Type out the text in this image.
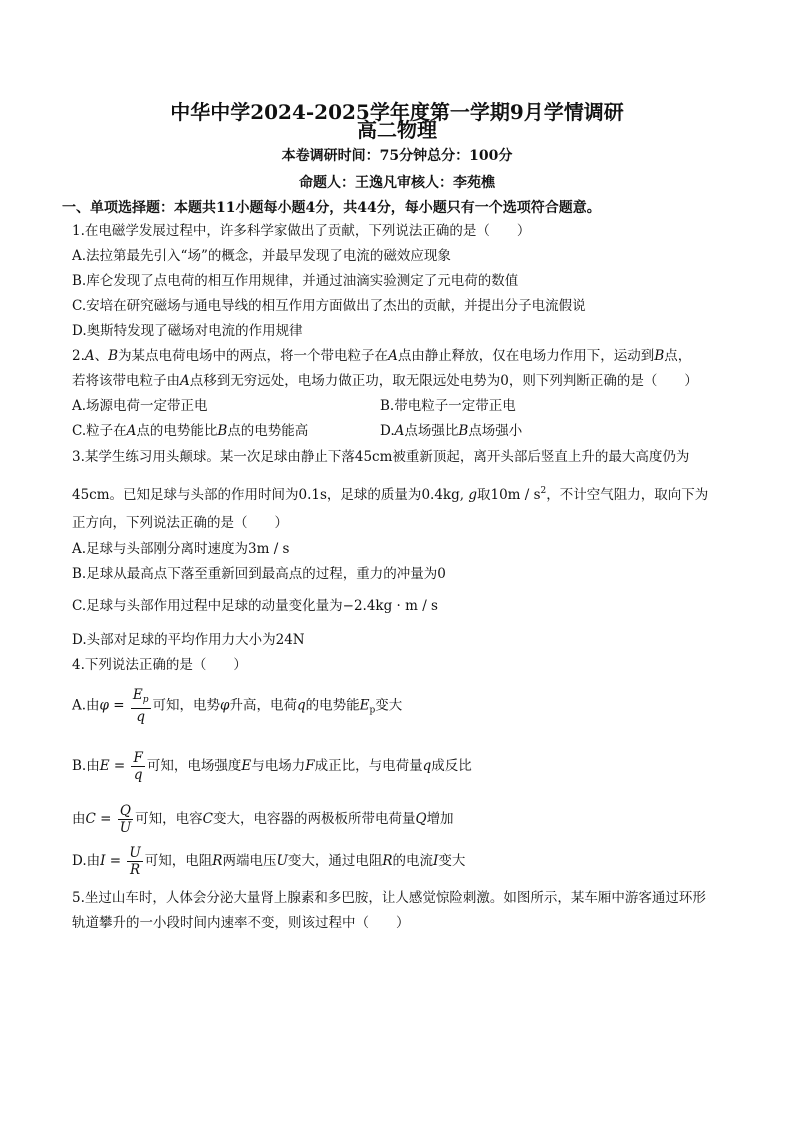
中华中学2024-2025学年度第一学期9月学情调研
高二物理
本卷调研时间：75分钟总分：100分
命题人：王逸凡审核人：李苑樵
一、单项选择题：本题共11小题每小题4分，共44分，每小题只有一个选项符合题意。
1.在电磁学发展过程中，许多科学家做出了贡献，下列说法正确的是（　　）
A.法拉第最先引入“场”的概念，并最早发现了电流的磁效应现象
B.库仑发现了点电荷的相互作用规律，并通过油滴实验测定了元电荷的数值
C.安培在研究磁场与通电导线的相互作用方面做出了杰出的贡献，并提出分子电流假说
D.奥斯特发现了磁场对电流的作用规律
2.A、B为某点电荷电场中的两点，将一个带电粒子在A点由静止释放，仅在电场力作用下，运动到B点，
若将该带电粒子由A点移到无穷远处，电场力做正功，取无限远处电势为0，则下列判断正确的是（　　）
A.场源电荷一定带正电	B.带电粒子一定带正电
C.粒子在A点的电势能比B点的电势能高	D.A点场强比B点场强小
3.某学生练习用头颠球。某一次足球由静止下落45cm被重新顶起，离开头部后竖直上升的最大高度仍为
45cm。已知足球与头部的作用时间为0.1s，足球的质量为0.4kg, g取$10m / s^2$，不计空气阻力，取向下为
正方向，下列说法正确的是（　　）
A.足球与头部刚分离时速度为3m / s
B.足球从最高点下落至重新回到最高点的过程，重力的冲量为0
C.足球与头部作用过程中足球的动量变化量为−2.4kg · m / s
D.头部对足球的平均作用力大小为24N
4.下列说法正确的是（　　）
A.由$\varphi = \frac{E_p}{q}$ 可知，电势φ升高，电荷q的电势能$E_p$变大
B.由$E = \frac{F}{q}$ 可知，电场强度E与电场力F成正比，与电荷量q成反比
由$C = \frac{Q}{U}$ 可知，电容C变大，电容器的两极板所带电荷量Q增加
D.由$I = \frac{U}{R}$ 可知，电阻R两端电压U变大，通过电阻R的电流I变大
5.坐过山车时，人体会分泌大量肾上腺素和多巴胺，让人感觉惊险刺激。如图所示，某车厢中游客通过环形
轨道攀升的一小段时间内速率不变，则该过程中（　　）
